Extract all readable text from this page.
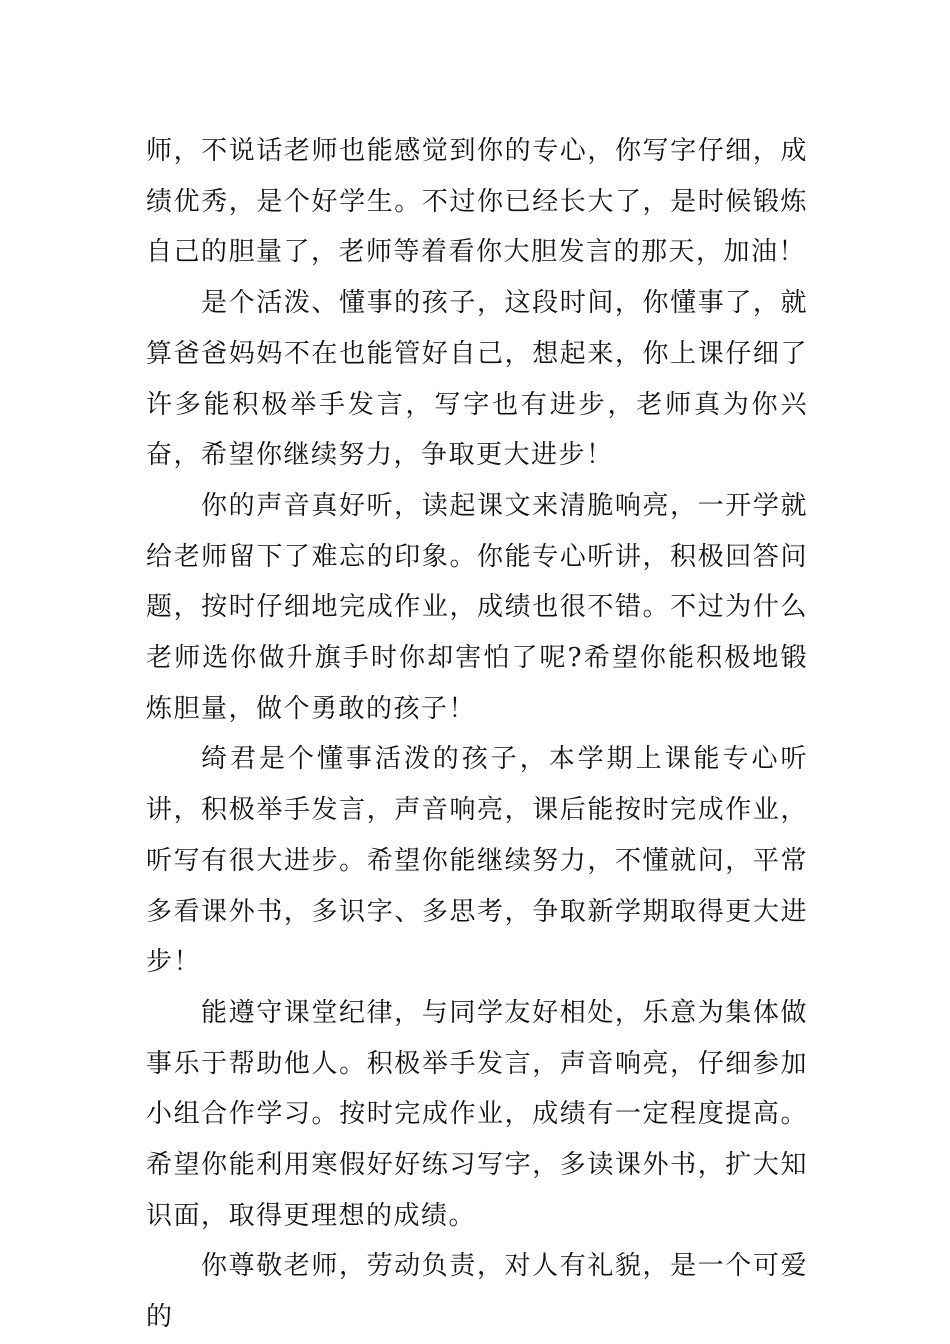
师，不说话老师也能感觉到你的专心，你写字仔细，成绩优秀，是个好学生。不过你已经长大了，是时候锻炼自己的胆量了，老师等着看你大胆发言的那天，加油！

是个活泼、懂事的孩子，这段时间，你懂事了，就算爸爸妈妈不在也能管好自己，想起来，你上课仔细了许多能积极举手发言，写字也有进步，老师真为你兴奋，希望你继续努力，争取更大进步！

你的声音真好听，读起课文来清脆响亮，一开学就给老师留下了难忘的印象。你能专心听讲，积极回答问题，按时仔细地完成作业，成绩也很不错。不过为什么老师选你做升旗手时你却害怕了呢?希望你能积极地锻炼胆量，做个勇敢的孩子！

绮君是个懂事活泼的孩子，本学期上课能专心听讲，积极举手发言，声音响亮，课后能按时完成作业，听写有很大进步。希望你能继续努力，不懂就问，平常多看课外书，多识字、多思考，争取新学期取得更大进步！

能遵守课堂纪律，与同学友好相处，乐意为集体做事乐于帮助他人。积极举手发言，声音响亮，仔细参加小组合作学习。按时完成作业，成绩有一定程度提高。希望你能利用寒假好好练习写字，多读课外书，扩大知识面，取得更理想的成绩。

你尊敬老师，劳动负责，对人有礼貌，是一个可爱的
